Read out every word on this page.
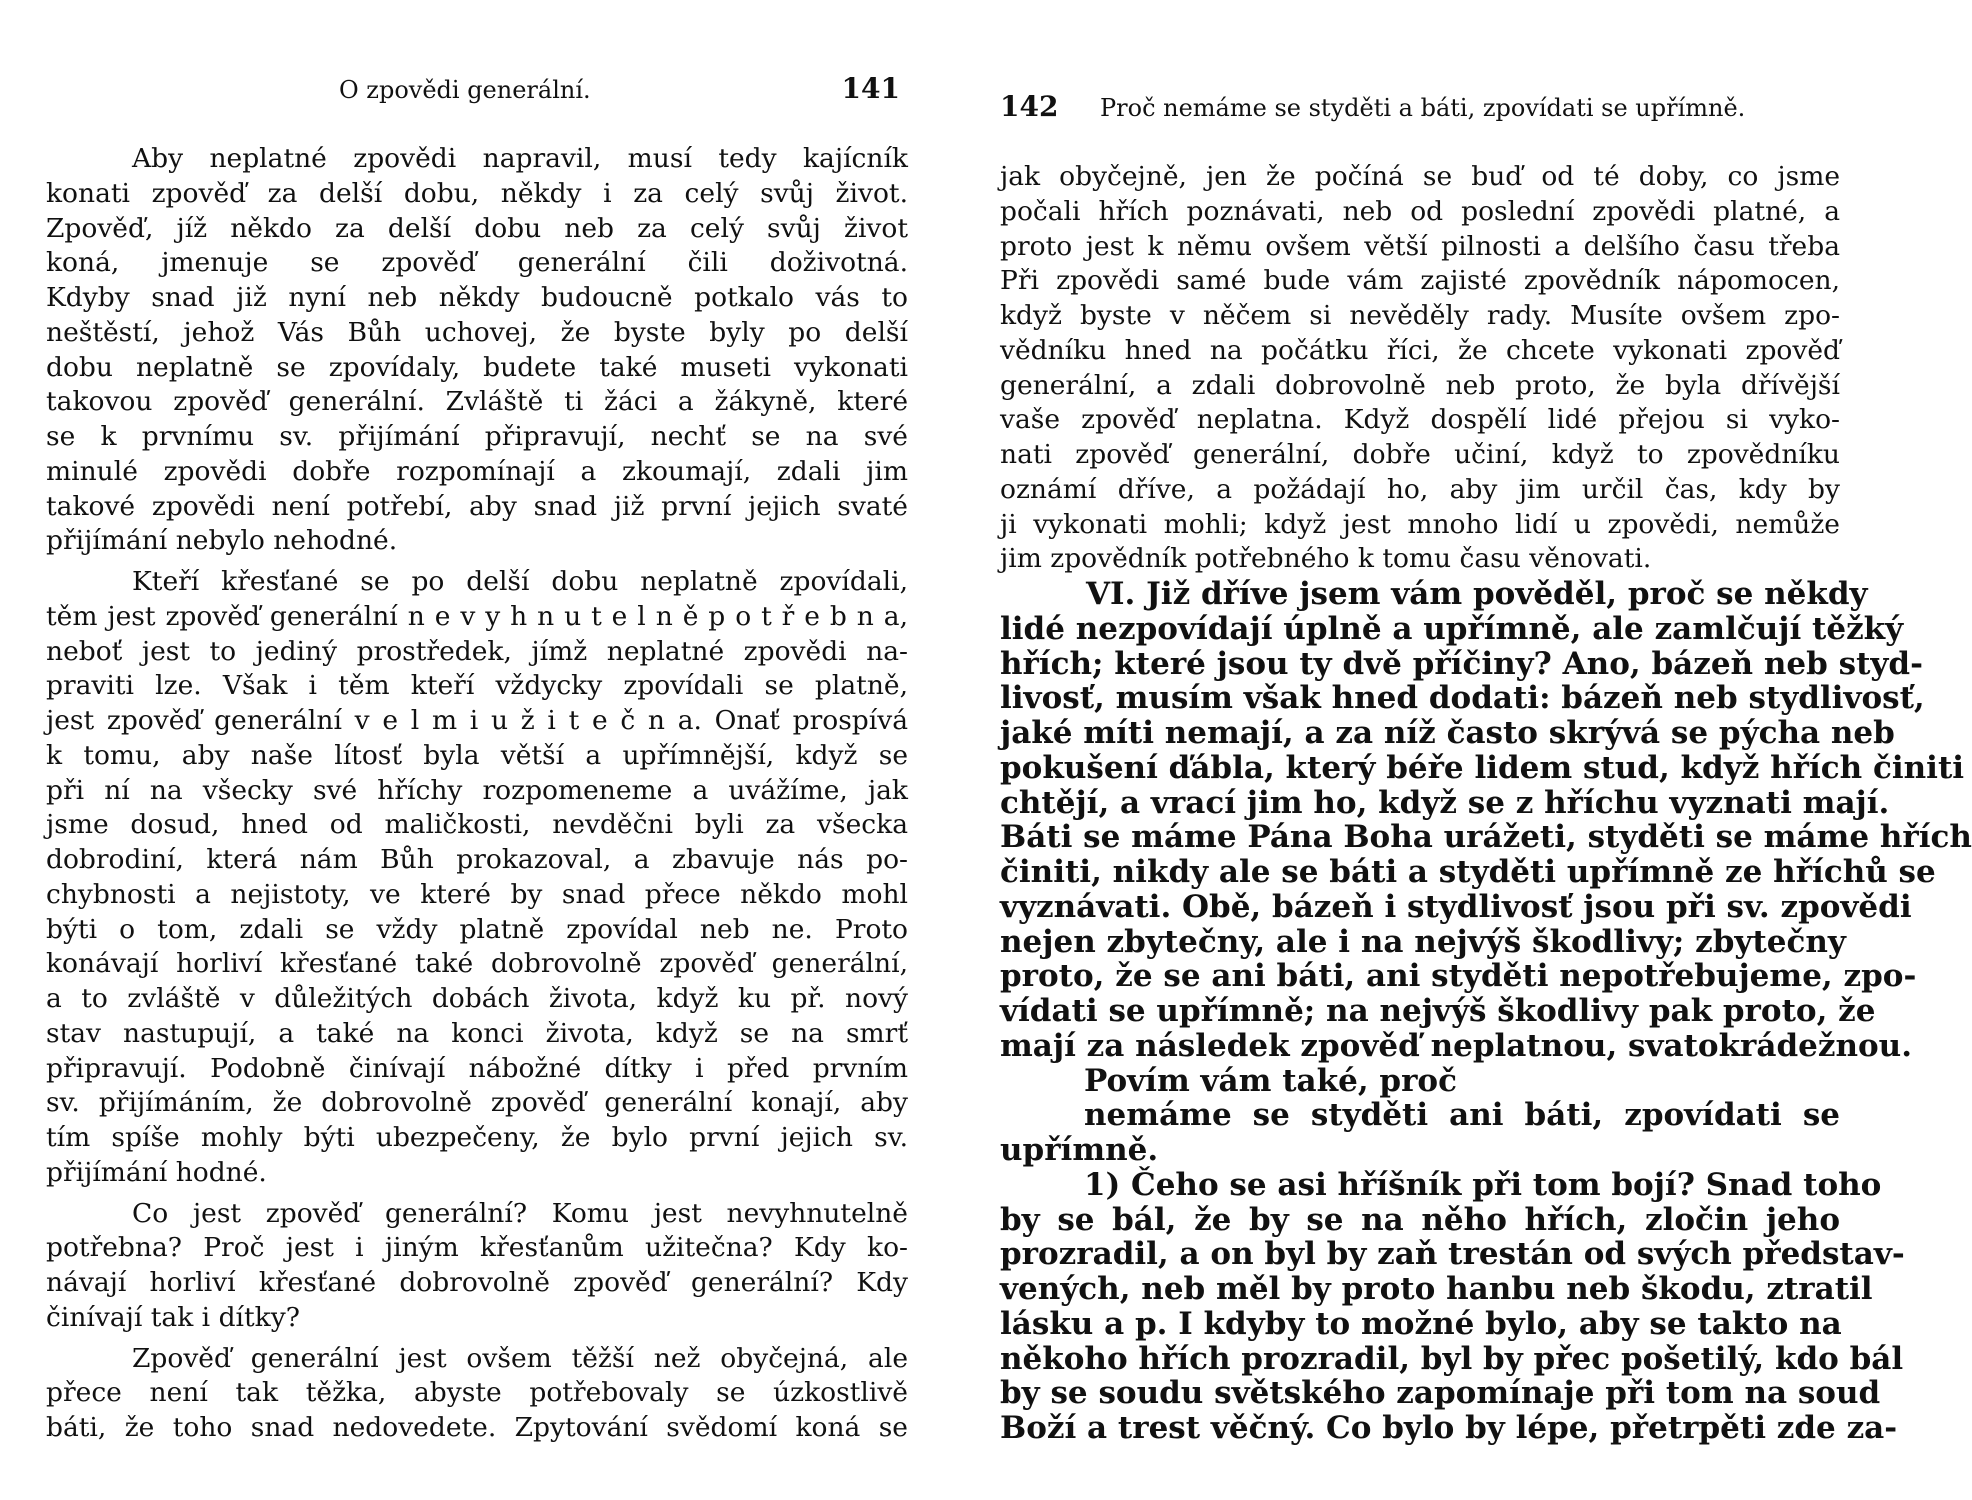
O zpovědi generální.	141
Aby neplatné zpovědi napravil, musí tedy kajícník
konati zpověď za delší dobu, někdy i za celý svůj život.
Zpověď, jíž někdo za delší dobu neb za celý svůj život
koná, jmenuje se zpověď generální čili doživotná.
Kdyby snad již nyní neb někdy budoucně potkalo vás to
neštěstí, jehož Vás Bůh uchovej, že byste byly po delší
dobu neplatně se zpovídaly, budete také museti vykonati
takovou zpověď generální. Zvláště ti žáci a žákyně, které
se k prvnímu sv. přijímání připravují, nechť se na své
minulé zpovědi dobře rozpomínají a zkoumají, zdali jim
takové zpovědi není potřebí, aby snad již první jejich svaté
přijímání nebylo nehodné.
Kteří křesťané se po delší dobu neplatně zpovídali,
těm jest zpověď generální n e v y h n u t e l n ě p o t ř e b n a,
neboť jest to jediný prostředek, jímž neplatné zpovědi na-
praviti lze. Však i těm kteří vždycky zpovídali se platně,
jest zpověď generální v e l m i u ž i t e č n a. Onať prospívá
k tomu, aby naše lítosť byla větší a upřímnější, když se
při ní na všecky své hříchy rozpomeneme a uvážíme, jak
jsme dosud, hned od maličkosti, nevděčni byli za všecka
dobrodiní, která nám Bůh prokazoval, a zbavuje nás po-
chybnosti a nejistoty, ve které by snad přece někdo mohl
býti o tom, zdali se vždy platně zpovídal neb ne. Proto
konávají horliví křesťané také dobrovolně zpověď generální,
a to zvláště v důležitých dobách života, když ku př. nový
stav nastupují, a také na konci života, když se na smrť
připravují. Podobně činívají nábožné dítky i před prvním
sv. přijímáním, že dobrovolně zpověď generální konají, aby
tím spíše mohly býti ubezpečeny, že bylo první jejich sv.
přijímání hodné.
Co jest zpověď generální? Komu jest nevyhnutelně
potřebna? Proč jest i jiným křesťanům užitečna? Kdy ko-
návají horliví křesťané dobrovolně zpověď generální? Kdy
činívají tak i dítky?
Zpověď generální jest ovšem těžší než obyčejná, ale
přece není tak těžka, abyste potřebovaly se úzkostlivě
báti, že toho snad nedovedete. Zpytování svědomí koná se
142 Proč nemáme se styděti a báti, zpovídati se upřímně.
jak obyčejně, jen že počíná se buď od té doby, co jsme
počali hřích poznávati, neb od poslední zpovědi platné, a
proto jest k němu ovšem větší pilnosti a delšího času třeba
Při zpovědi samé bude vám zajisté zpovědník nápomocen,
když byste v něčem si nevěděly rady. Musíte ovšem zpo-
vědníku hned na počátku říci, že chcete vykonati zpověď
generální, a zdali dobrovolně neb proto, že byla dřívější
vaše zpověď neplatna. Když dospělí lidé přejou si vyko-
nati zpověď generální, dobře učiní, když to zpovědníku
oznámí dříve, a požádají ho, aby jim určil čas, kdy by
ji vykonati mohli; když jest mnoho lidí u zpovědi, nemůže
jim zpovědník potřebného k tomu času věnovati.
VI. Již dříve jsem vám pověděl, proč se někdy
lidé nezpovídají úplně a upřímně, ale zamlčují těžký
hřích; které jsou ty dvě příčiny? Ano, bázeň neb styd-
livosť, musím však hned dodati: bázeň neb stydlivosť,
jaké míti nemají, a za níž často skrývá se pýcha neb
pokušení ďábla, který béře lidem stud, když hřích činiti
chtějí, a vrací jim ho, když se z hříchu vyznati mají.
Báti se máme Pána Boha urážeti, styděti se máme hřích
činiti, nikdy ale se báti a styděti upřímně ze hříchů se
vyznávati. Obě, bázeň i stydlivosť jsou při sv. zpovědi
nejen zbytečny, ale i na nejvýš škodlivy; zbytečny
proto, že se ani báti, ani styděti nepotřebujeme, zpo-
vídati se upřímně; na nejvýš škodlivy pak proto, že
mají za následek zpověď neplatnou, svatokrádežnou.
Povím vám také, proč
nemáme se styděti ani báti, zpovídati se
upřímně.
1) Čeho se asi hříšník při tom bojí? Snad toho
by se bál, že by se na něho hřích, zločin jeho
prozradil, a on byl by zaň trestán od svých představ-
vených, neb měl by proto hanbu neb škodu, ztratil
lásku a p. I kdyby to možné bylo, aby se takto na
někoho hřích prozradil, byl by přec pošetilý, kdo bál
by se soudu světského zapomínaje při tom na soud
Boží a trest věčný. Co bylo by lépe, přetrpěti zde za-
